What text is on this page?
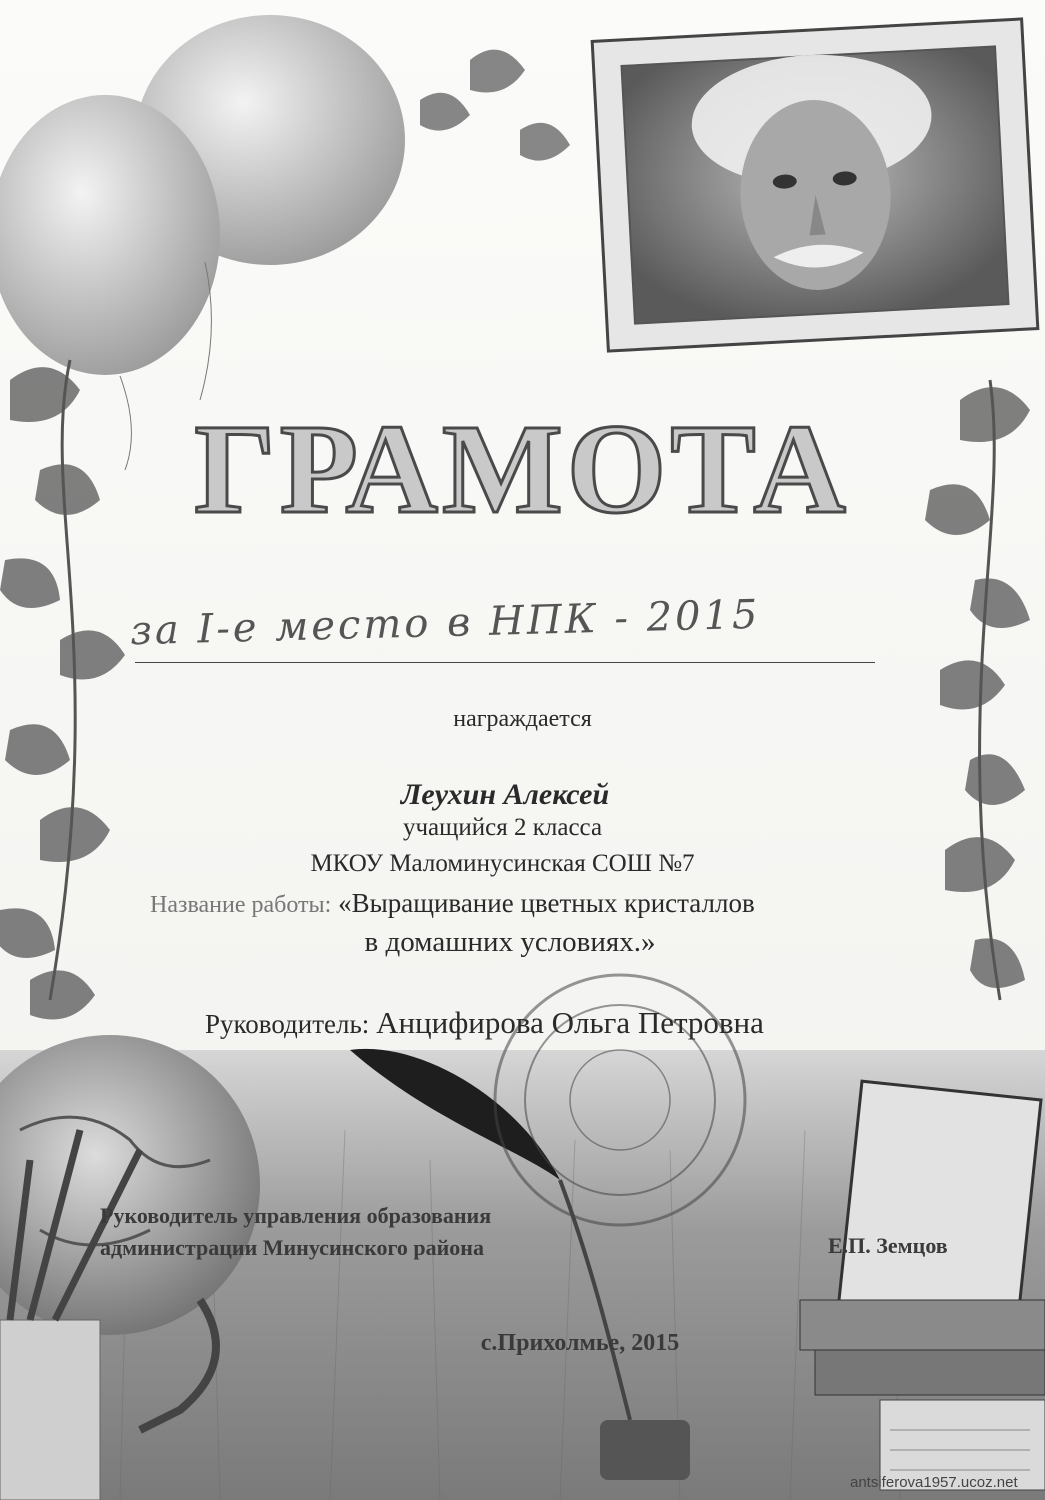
ГРАМОТА
за I-е место в НПК - 2015
награждается
Леухин Алексей
учащийся 2 класса
МКОУ Маломинусинская СОШ №7
Название работы: «Выращивание цветных кристаллов
в домашних условиях.»
Руководитель: Анцифирова Ольга Петровна
Руководитель управления образования
администрации Минусинского района	Е.П. Земцов
с.Прихолмье, 2015
antsiferova1957.ucoz.net
